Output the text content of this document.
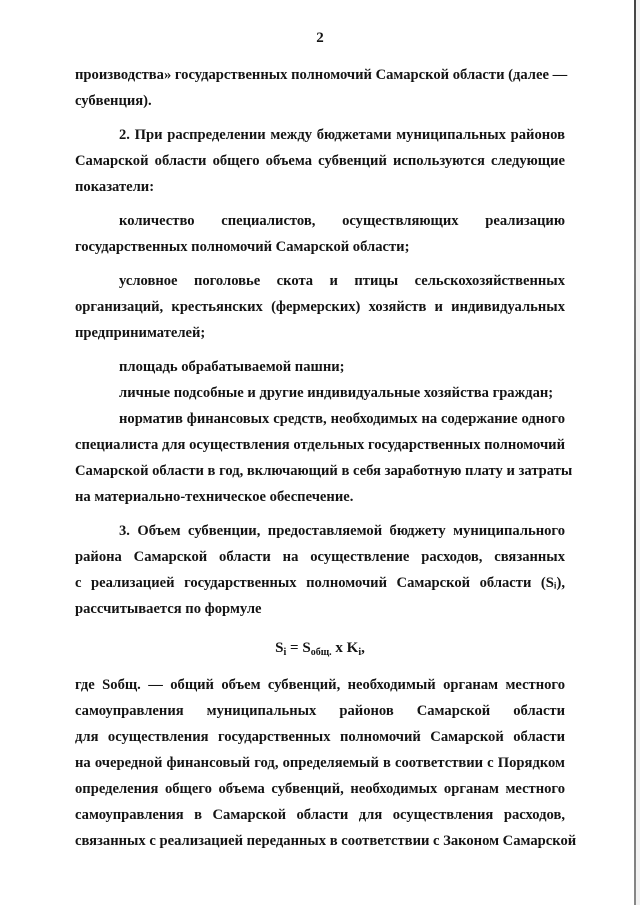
2
производства» государственных полномочий Самарской области (далее —
субвенция).
2. При распределении между бюджетами муниципальных районов
Самарской области общего объема субвенций используются следующие
показатели:
количество специалистов, осуществляющих реализацию
государственных полномочий Самарской области;
условное поголовье скота и птицы сельскохозяйственных
организаций, крестьянских (фермерских) хозяйств и индивидуальных
предпринимателей;
площадь обрабатываемой пашни;
личные подсобные и другие индивидуальные хозяйства граждан;
норматив финансовых средств, необходимых на содержание одного
специалиста для осуществления отдельных государственных полномочий
Самарской области в год, включающий в себя заработную плату и затраты
на материально-техническое обеспечение.
3. Объем субвенции, предоставляемой бюджету муниципального
района Самарской области на осуществление расходов, связанных
с реализацией государственных полномочий Самарской области (Sᵢ),
рассчитывается по формуле
$S_i = S_{общ.}$ x $K_i$,
где Sобщ. — общий объем субвенций, необходимый органам местного
самоуправления муниципальных районов Самарской области
для осуществления государственных полномочий Самарской области
на очередной финансовый год, определяемый в соответствии с Порядком
определения общего объема субвенций, необходимых органам местного
самоуправления в Самарской области для осуществления расходов,
связанных с реализацией переданных в соответствии с Законом Самарской
